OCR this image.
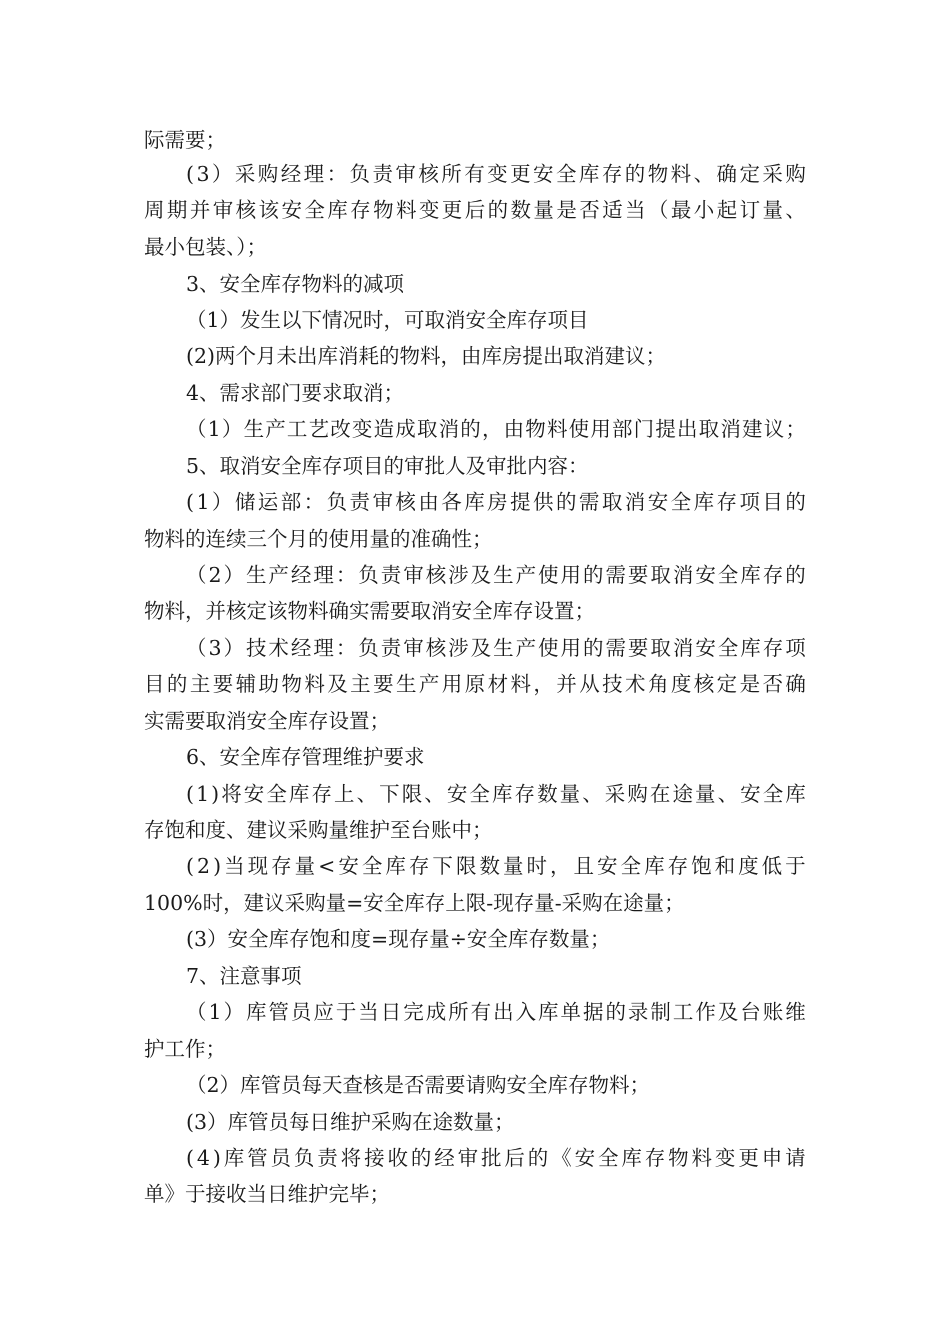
际需要；
( 3 ） 采 购 经 理 ： 负 责 审 核 所 有 变 更 安 全 库 存 的 物 料 、 确 定 采 购
周 期 并 审 核 该 安 全 库 存 物 料 变 更 后 的 数 量 是 否 适 当 （ 最 小 起 订 量 、
最小包装、）；
3、安全库存物料的减项
（1）发生以下情况时，可取消安全库存项目
(2)两个月未出库消耗的物料，由库房提出取消建议；
4、需求部门要求取消；
（ 1 ） 生 产 工 艺 改 变 造 成 取 消 的 ， 由 物 料 使 用 部 门 提 出 取 消 建 议 ；
5、取消安全库存项目的审批人及审批内容：
( 1 ） 储 运 部 ： 负 责 审 核 由 各 库 房 提 供 的 需 取 消 安 全 库 存 项 目 的
物料的连续三个月的使用量的准确性；
（ 2 ） 生 产 经 理 ： 负 责 审 核 涉 及 生 产 使 用 的 需 要 取 消 安 全 库 存 的
物料，并核定该物料确实需要取消安全库存设置；
（ 3 ） 技 术 经 理 ： 负 责 审 核 涉 及 生 产 使 用 的 需 要 取 消 安 全 库 存 项
目 的 主 要 辅 助 物 料 及 主 要 生 产 用 原 材 料 ， 并 从 技 术 角 度 核 定 是 否 确
实需要取消安全库存设置；
6、安全库存管理维护要求
( 1 ) 将 安 全 库 存 上 、 下 限 、 安 全 库 存 数 量 、 采 购 在 途 量 、 安 全 库
存饱和度、建议采购量维护至台账中；
( 2 ) 当 现 存 量 < 安 全 库 存 下 限 数 量 时 ， 且 安 全 库 存 饱 和 度 低 于
100%时，建议采购量=安全库存上限-现存量-采购在途量；
(3）安全库存饱和度=现存量÷安全库存数量；
7、注意事项
（ 1 ） 库 管 员 应 于 当 日 完 成 所 有 出 入 库 单 据 的 录 制 工 作 及 台 账 维
护工作；
（2）库管员每天查核是否需要请购安全库存物料；
(3）库管员每日维护采购在途数量；
( 4 ) 库 管 员 负 责 将 接 收 的 经 审 批 后 的 《 安 全 库 存 物 料 变 更 申 请
单》于接收当日维护完毕；
